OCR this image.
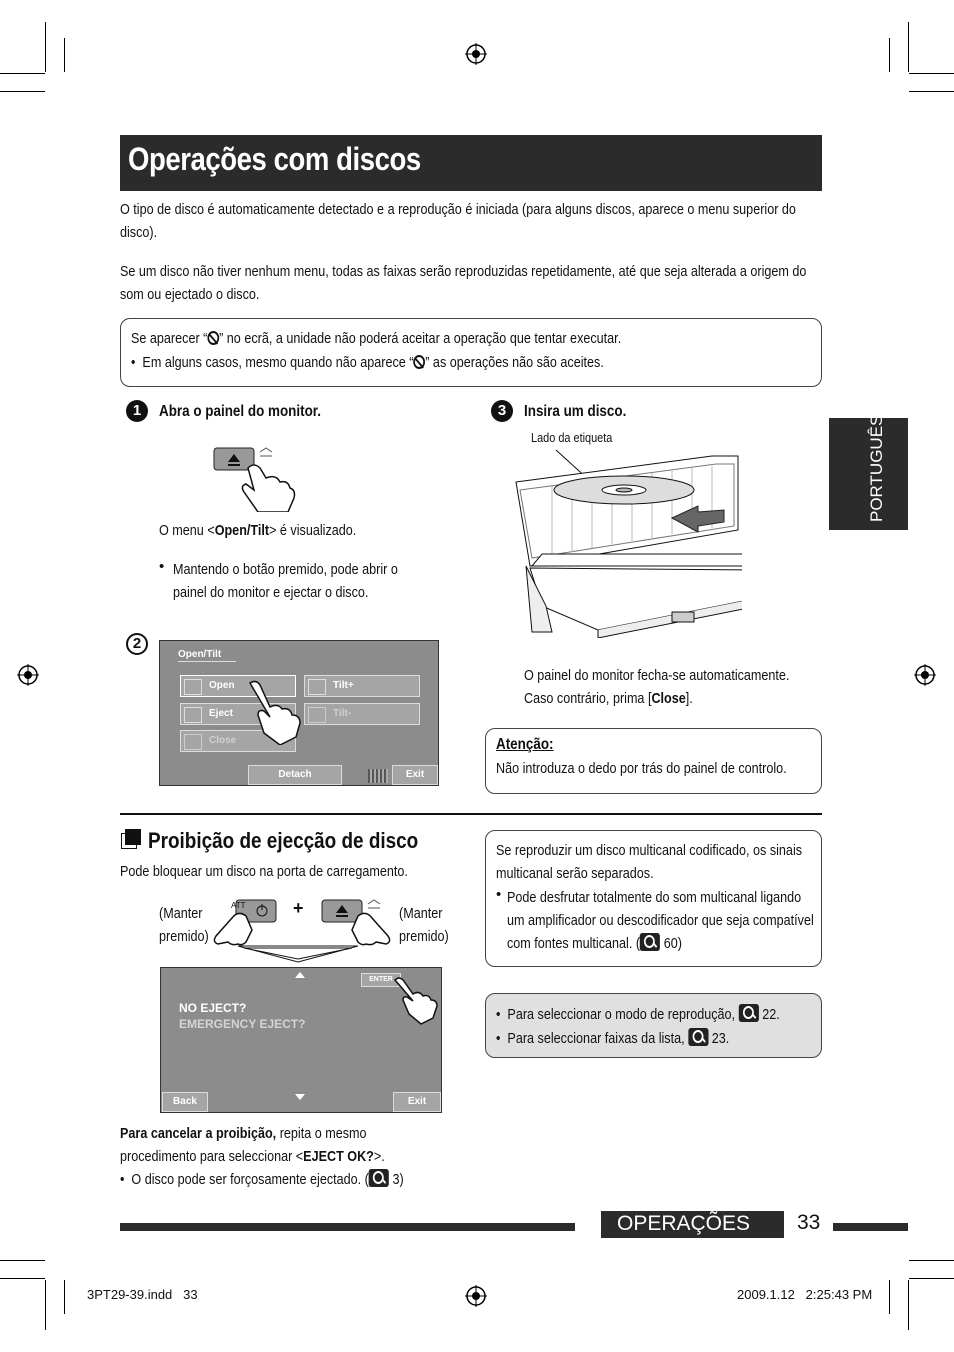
Operações com discos
O tipo de disco é automaticamente detectado e a reprodução é iniciada (para alguns discos, aparece o menu superior do disco).
Se um disco não tiver nenhum menu, todas as faixas serão reproduzidas repetidamente, até que seja alterada a origem do som ou ejectado o disco.
Se aparecer “ ” no ecrã, a unidade não poderá aceitar a operação que tentar executar.
•  Em alguns casos, mesmo quando não aparece “ ” as operações não são aceites.
1	Abra o painel do monitor.
O menu <Open/Tilt> é visualizado.
• Mantendo o botão premido, pode abrir o painel do monitor e ejectar o disco.
2
Open/Tilt
Open
Eject
Close
Tilt+
Tilt-
Detach	Exit
3	Insira um disco.
Lado da etiqueta
O painel do monitor fecha-se automaticamente. Caso contrário, prima [Close].
Atenção:
Não introduza o dedo por trás do painel de controlo.
PORTUGUÊS
Proibição de ejecção de disco
Pode bloquear um disco na porta de carregamento.
(Manter premido)
ATT	+	(Manter premido)
ENTER
NO EJECT?
EMERGENCY EJECT?
Back	Exit
Para cancelar a proibição, repita o mesmo procedimento para seleccionar <EJECT OK?>.
•  O disco pode ser forçosamente ejectado. ( 3)
Se reproduzir um disco multicanal codificado, os sinais multicanal serão separados.
• Pode desfrutar totalmente do som multicanal ligando um amplificador ou descodificador que seja compatível com fontes multicanal. ( 60)
•  Para seleccionar o modo de reprodução, 22.
•  Para seleccionar faixas da lista, 23.
OPERAÇÕES 33
3PT29-39.indd   33	2009.1.12   2:25:43 PM
